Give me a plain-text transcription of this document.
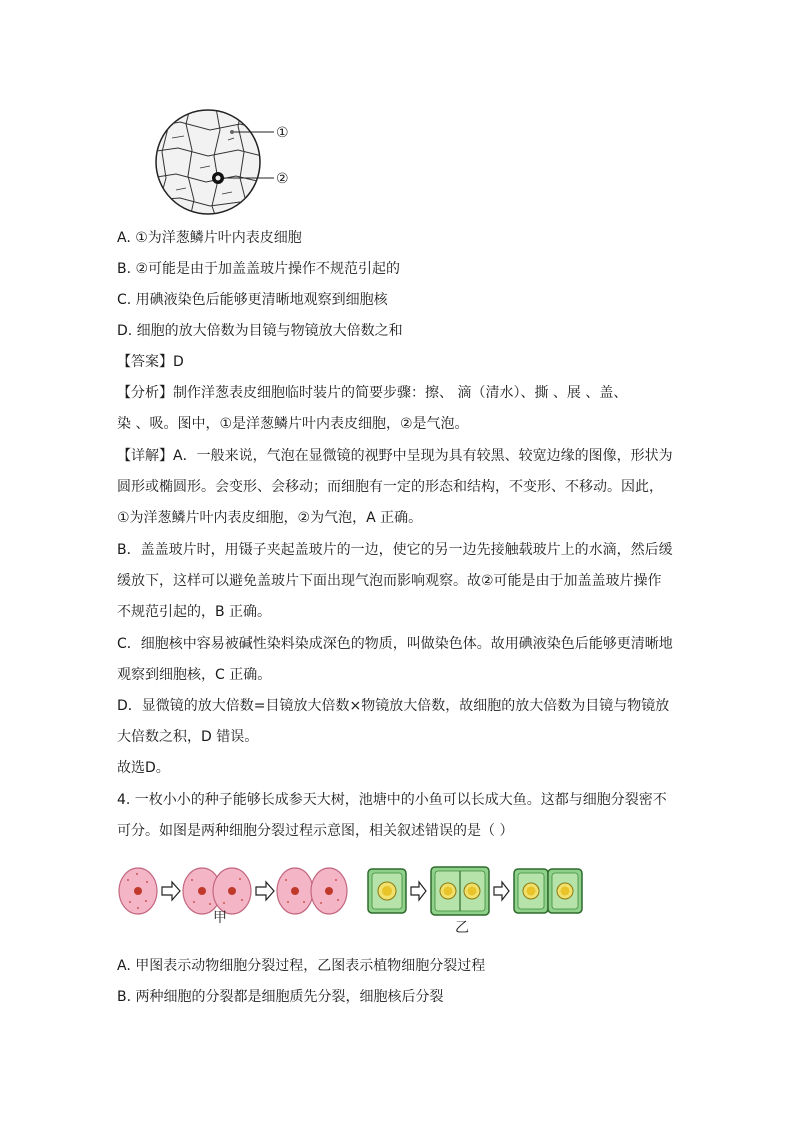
①
②
A. ①为洋葱鳞片叶内表皮细胞
B. ②可能是由于加盖盖玻片操作不规范引起的
C. 用碘液染色后能够更清晰地观察到细胞核
D. 细胞的放大倍数为目镜与物镜放大倍数之和
【答案】D
【分析】制作洋葱表皮细胞临时装片的简要步骤：擦、 滴（清水）、撕 、展 、盖、
染 、吸。图中，①是洋葱鳞片叶内表皮细胞，②是气泡。
【详解】A．一般来说，气泡在显微镜的视野中呈现为具有较黑、较宽边缘的图像，形状为
圆形或椭圆形。会变形、会移动；而细胞有一定的形态和结构，不变形、不移动。因此，
①为洋葱鳞片叶内表皮细胞，②为气泡，A 正确。
B．盖盖玻片时，用镊子夹起盖玻片的一边，使它的另一边先接触载玻片上的水滴，然后缓
缓放下，这样可以避免盖玻片下面出现气泡而影响观察。故②可能是由于加盖盖玻片操作
不规范引起的，B 正确。
C．细胞核中容易被碱性染料染成深色的物质，叫做染色体。故用碘液染色后能够更清晰地
观察到细胞核，C 正确。
D．显微镜的放大倍数=目镜放大倍数×物镜放大倍数，故细胞的放大倍数为目镜与物镜放
大倍数之积，D 错误。
故选D。
4. 一枚小小的种子能够长成参天大树，池塘中的小鱼可以长成大鱼。这都与细胞分裂密不
可分。如图是两种细胞分裂过程示意图，相关叙述错误的是（ ）
甲
乙
A. 甲图表示动物细胞分裂过程，乙图表示植物细胞分裂过程
B. 两种细胞的分裂都是细胞质先分裂，细胞核后分裂
